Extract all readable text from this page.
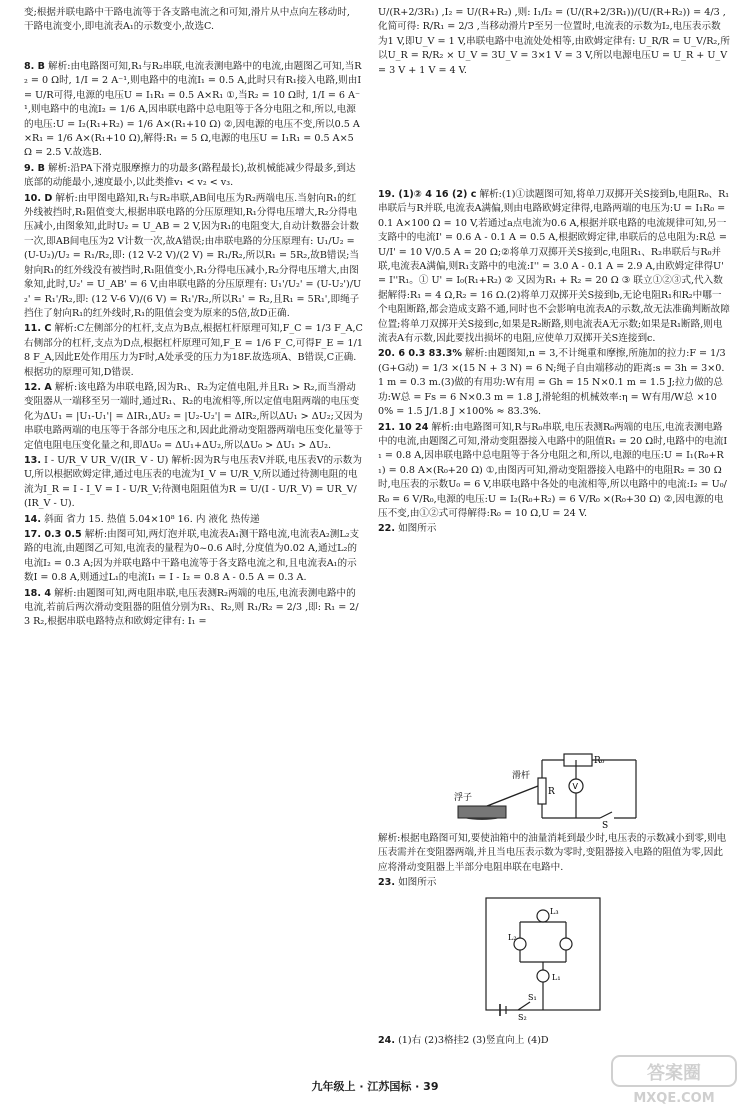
变;根据并联电路中干路电流等于各支路电流之和可知,滑片从中点向左移动时,干路电流变小,即电流表A₁的示数变小,故选C.
U/(R+2/3R₁) ,I₂ = U/(R+R₂) ,则: I₁/I₂ = (U/(R+2/3R₁))/(U/(R+R₂)) = 4/3 ,化简可得: R/R₁ = 2/3 ,当移动滑片P至另一位置时,电流表的示数为I₂,电压表示数为1 V,即U_V = 1 V,串联电路中电流处处相等,由欧姆定律有: U_R/R = U_V/R₂,所以U_R = R/R₂ × U_V = 3U_V = 3×1 V = 3 V,所以电源电压U = U_R + U_V = 3 V + 1 V = 4 V.

8. B 解析:由电路图可知,R₁与R₂串联,电流表测电路中的电流,由题图乙可知,当R₂ = 0 Ω时, 1/I = 2 A⁻¹,则电路中的电流I₁ = 0.5 A,此时只有R₁接入电路,则由I = U/R可得,电源的电压U = I₁R₁ = 0.5 A×R₁ ①,当R₂ = 10 Ω时, 1/I = 6 A⁻¹,则电路中的电流I₂ = 1/6 A,因串联电路中总电阻等于各分电阻之和,所以,电源的电压:U = I₂(R₁+R₂) = 1/6 A×(R₁+10 Ω) ②,因电源的电压不变,所以0.5 A×R₁ = 1/6 A×(R₁+10 Ω),解得:R₁ = 5 Ω,电源的电压U = I₁R₁ = 0.5 A×5 Ω = 2.5 V.故选B.

9. B 解析:沿PA下滑克服摩擦力的功最多(路程最长),故机械能减少得最多,到达底部的动能最小,速度最小,以此类推v₁ < v₂ < v₃.

10. D 解析:由甲图电路知,R₁与R₂串联,AB间电压为R₂两端电压.当射向R₁的红外线被挡时,R₁阻值变大,根据串联电路的分压原理知,R₁分得电压增大,R₂分得电压减小,由图象知,此时U₂ = U_AB = 2 V,因为R₁的电阻变大,自动计数器会计数一次,即AB间电压为2 V计数一次,故A错误;由串联电路的分压原理有: U₁/U₂ = (U-U₂)/U₂ = R₁/R₂,即: (12 V-2 V)/(2 V) = R₁/R₂,所以R₁ = 5R₂,故B错误;当射向R₁的红外线没有被挡时,R₁阻值变小,R₁分得电压减小,R₂分得电压增大,由图象知,此时,U₂' = U_AB' = 6 V,由串联电路的分压原理有: U₁'/U₂' = (U-U₂')/U₂' = R₁'/R₂,即: (12 V-6 V)/(6 V) = R₁'/R₂,所以R₁' = R₂,且R₁ = 5R₁',即绳子挡住了射向R₁的红外线时,R₁的阻值会变为原来的5倍,故D正确.

11. C 解析:C左侧部分的杠杆,支点为B点,根据杠杆原理可知,F_C = 1/3 F_A,C右侧部分的杠杆,支点为D点,根据杠杆原理可知,F_E = 1/6 F_C,可得F_E = 1/18 F_A,因此E处作用压力为F时,A处承受的压力为18F.故选项A、B错误,C正确.根据功的原理可知,D错误.

12. A 解析:该电路为串联电路,因为R₁、R₂为定值电阻,并且R₁ > R₂,而当滑动变阻器从一端移至另一端时,通过R₁、R₂的电流相等,所以定值电阻两端的电压变化为ΔU₁ = |U₁-U₁'| = ΔIR₁,ΔU₂ = |U₂-U₂'| = ΔIR₂,所以ΔU₁ > ΔU₂;又因为串联电路两端的电压等于各部分电压之和,因此此滑动变阻器两端电压变化量等于定值电阻电压变化量之和,即ΔU₀ = ΔU₁+ΔU₂,所以ΔU₀ > ΔU₁ > ΔU₂.

13. I - U/R_V UR_V/(IR_V - U) 解析:因为R与电压表V并联,电压表V的示数为U,所以根据欧姆定律,通过电压表的电流为I_V = U/R_V,所以通过待测电阻的电流为I_R = I - I_V = I - U/R_V;待测电阻阻值为R = U/(I - U/R_V) = UR_V/(IR_V - U).

14. 斜面 省力 15. 热值 5.04×10⁸ 16. 内 液化 热传递

17. 0.3 0.5 解析:由图可知,两灯泡并联,电流表A₁测干路电流,电流表A₂测L₂支路的电流,由题图乙可知,电流表的量程为0~0.6 A时,分度值为0.02 A,通过L₂的电流I₂ = 0.3 A;因为并联电路中干路电流等于各支路电流之和,且电流表A₁的示数I = 0.8 A,则通过L₁的电流I₁ = I - I₂ = 0.8 A - 0.5 A = 0.3 A.

18. 4 解析:由题图可知,两电阻串联,电压表测R₂两端的电压,电流表测电路中的电流,若前后两次滑动变阻器的阻值分别为R₁、R₂,则 R₁/R₂ = 2/3 ,即: R₁ = 2/3 R₂,根据串联电路特点和欧姆定律有: I₁ =

19. (1)② 4 16 (2) c 解析:(1)①读题图可知,将单刀双掷开关S接到b,电阻R₀、R₁串联后与R并联,电流表A满偏,则由电路欧姆定律得,电路两端的电压为:U = I₁R₀ = 0.1 A×100 Ω = 10 V,若通过a点电流为0.6 A,根据并联电路的电流规律可知,另一支路中的电流I' = 0.6 A - 0.1 A = 0.5 A,根据欧姆定律,串联后的总电阻为:R总 = U/I' = 10 V/0.5 A = 20 Ω;②将单刀双掷开关S接到c,电阻R₁、R₂串联后与R₀并联,电流表A满偏,则R₁支路中的电流:I'' = 3.0 A - 0.1 A = 2.9 A,由欧姆定律得U' = I''R₁。① U' = I₀(R₁+R₂) ② 又因为R₁ + R₂ = 20 Ω ③ 联立①②③式,代入数据解得:R₁ = 4 Ω,R₂ = 16 Ω.(2)将单刀双掷开关S接到b,无论电阻R₁和R₂中哪一个电阻断路,都会造成支路不通,同时也不会影响电流表A的示数,故无法准确判断故障位置;将单刀双掷开关S接到c,如果是R₂断路,则电流表A无示数;如果是R₁断路,则电流表A有示数,因此要找出损坏的电阻,应使单刀双掷开关S连接到c.

20. 6 0.3 83.3% 解析:由题图知,n = 3,不计绳重和摩擦,所施加的拉力:F = 1/3 (G+G动) = 1/3 ×(15 N + 3 N) = 6 N;绳子自由端移动的距离:s = 3h = 3×0.1 m = 0.3 m.(3)做的有用功:W有用 = Gh = 15 N×0.1 m = 1.5 J;拉力做的总功:W总 = Fs = 6 N×0.3 m = 1.8 J,滑轮组的机械效率:η = W有用/W总 ×100% = 1.5 J/1.8 J ×100% ≈ 83.3%.

21. 10 24 解析:由电路图可知,R与R₀串联,电压表测R₀两端的电压,电流表测电路中的电流,由题图乙可知,滑动变阻器接入电路中的阻值R₁ = 20 Ω时,电路中的电流I₁ = 0.8 A,因串联电路中总电阻等于各分电阻之和,所以,电源的电压:U = I₁(R₀+R₁) = 0.8 A×(R₀+20 Ω) ①,由图丙可知,滑动变阻器接入电路中的电阻R₂ = 30 Ω时,电压表的示数U₀ = 6 V,串联电路中各处的电流相等,所以电路中的电流:I₂ = U₀/R₀ = 6 V/R₀,电源的电压:U = I₂(R₀+R₂) = 6 V/R₀ ×(R₀+30 Ω) ②,因电源的电压不变,由①②式可得解得:R₀ = 10 Ω,U = 24 V.

22. 如图所示

R₀
V
R
S
滑杆
浮子

解析:根据电路图可知,要使油箱中的油量消耗到最少时,电压表的示数减小到零,则电压表需并在变阻器两端,并且当电压表示数为零时,变阻器接入电路的阻值为零,因此应将滑动变阻器上半部分电阻串联在电路中.

23. 如图所示

L₃
L₂
L₁
S₁
S₂

24. (1)右 (2)3格挂2 (3)竖直向上 (4)D

九年级上 · 江苏国标 · 39
答案圈
MXQE.COM
